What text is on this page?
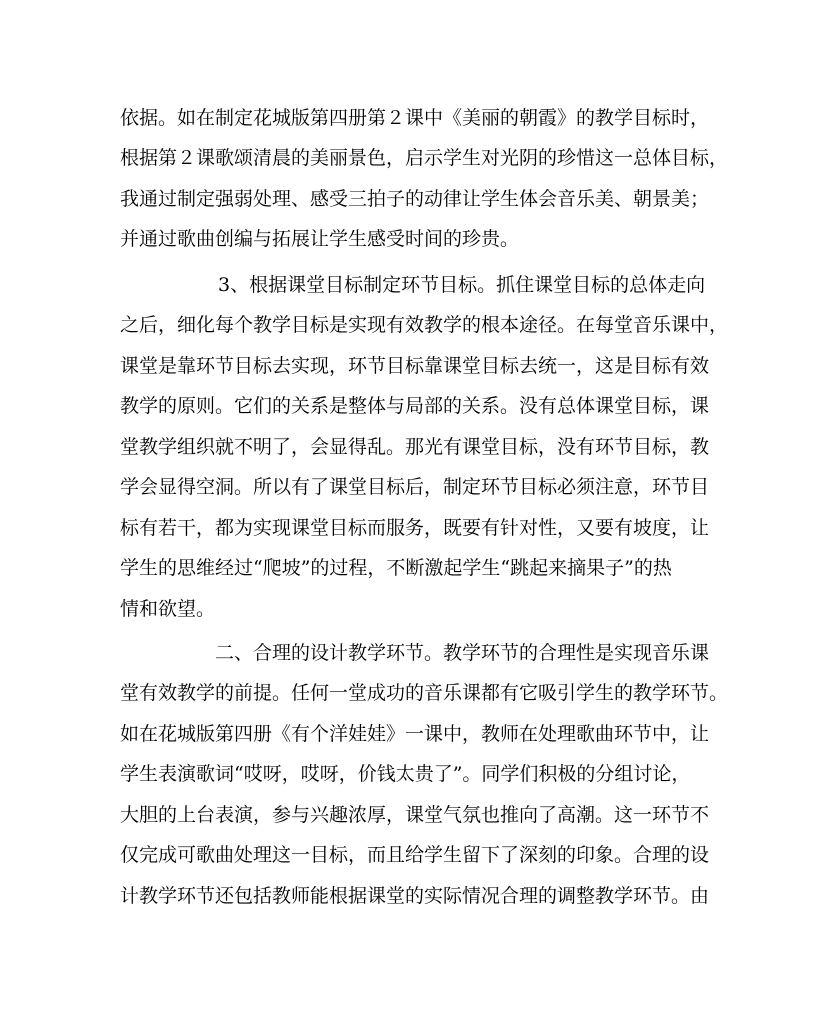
依据。如在制定花城版第四册第２课中《美丽的朝霞》的教学目标时，
根据第２课歌颂清晨的美丽景色，启示学生对光阴的珍惜这一总体目标，
我通过制定强弱处理、感受三拍子的动律让学生体会音乐美、朝景美；
并通过歌曲创编与拓展让学生感受时间的珍贵。
3、根据课堂目标制定环节目标。抓住课堂目标的总体走向
之后，细化每个教学目标是实现有效教学的根本途径。在每堂音乐课中，
课堂是靠环节目标去实现，环节目标靠课堂目标去统一，这是目标有效
教学的原则。它们的关系是整体与局部的关系。没有总体课堂目标，课
堂教学组织就不明了，会显得乱。那光有课堂目标，没有环节目标，教
学会显得空洞。所以有了课堂目标后，制定环节目标必须注意，环节目
标有若干，都为实现课堂目标而服务，既要有针对性，又要有坡度，让
学生的思维经过“爬坡”的过程，不断激起学生“跳起来摘果子”的热
情和欲望。
二、合理的设计教学环节。教学环节的合理性是实现音乐课
堂有效教学的前提。任何一堂成功的音乐课都有它吸引学生的教学环节。
如在花城版第四册《有个洋娃娃》一课中，教师在处理歌曲环节中，让
学生表演歌词“哎呀，哎呀，价钱太贵了”。同学们积极的分组讨论，
大胆的上台表演，参与兴趣浓厚，课堂气氛也推向了高潮。这一环节不
仅完成可歌曲处理这一目标，而且给学生留下了深刻的印象。合理的设
计教学环节还包括教师能根据课堂的实际情况合理的调整教学环节。由
